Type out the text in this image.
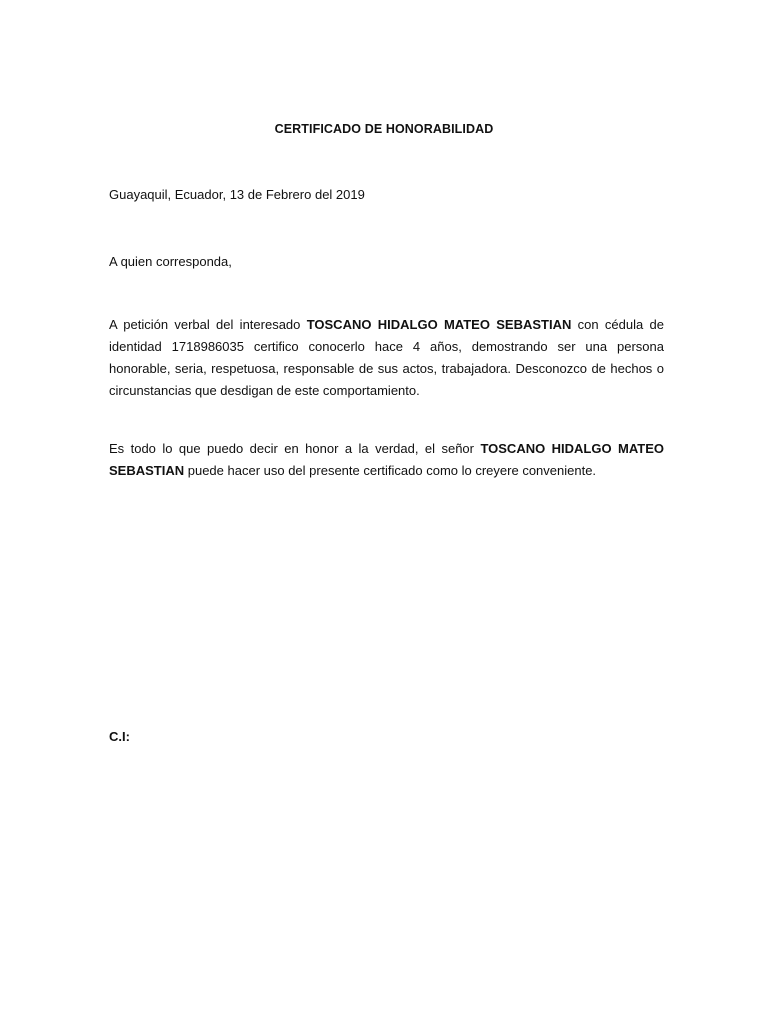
CERTIFICADO DE HONORABILIDAD
Guayaquil, Ecuador, 13 de Febrero del 2019
A quien corresponda,
A petición verbal del interesado TOSCANO HIDALGO MATEO SEBASTIAN con cédula de identidad 1718986035 certifico conocerlo hace 4 años, demostrando ser una persona honorable, seria, respetuosa, responsable de sus actos, trabajadora. Desconozco de hechos o circunstancias que desdigan de este comportamiento.
Es todo lo que puedo decir en honor a la verdad, el señor TOSCANO HIDALGO MATEO SEBASTIAN puede hacer uso del presente certificado como lo creyere conveniente.
C.I:
